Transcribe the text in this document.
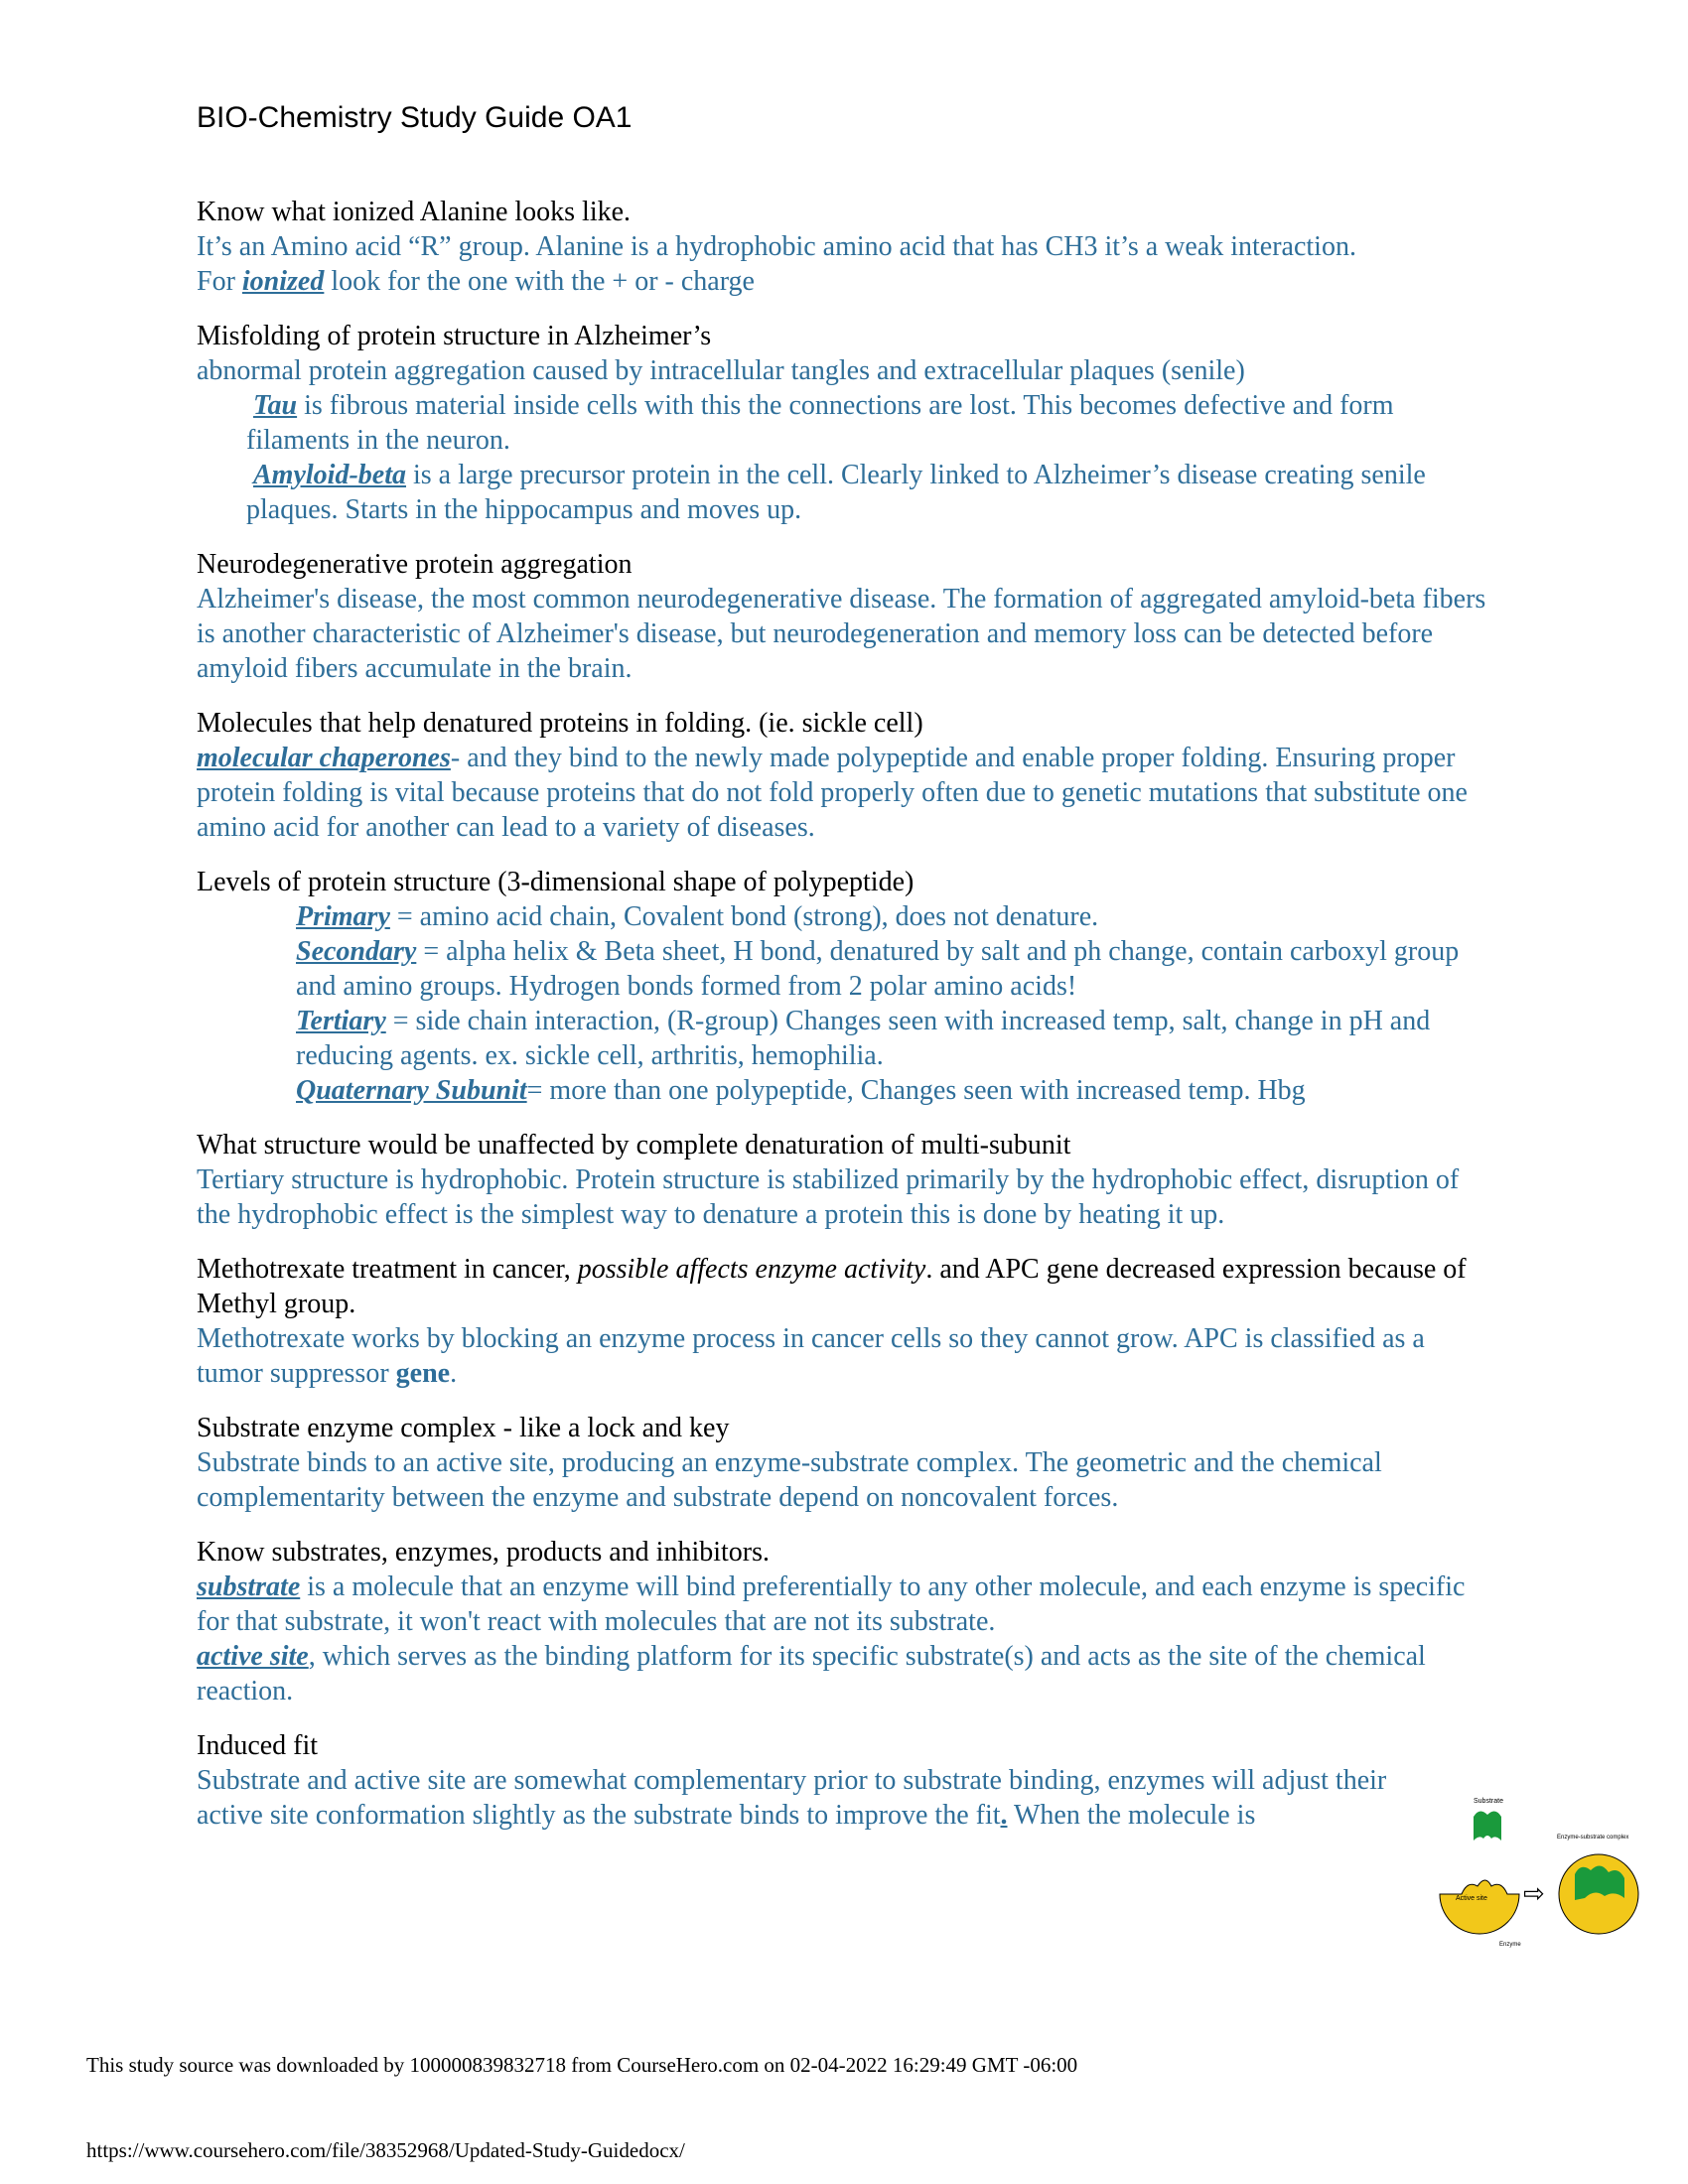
BIO-Chemistry Study Guide OA1
Know what ionized Alanine looks like.
It’s an Amino acid “R” group. Alanine is a hydrophobic amino acid that has CH3 it’s a weak interaction.
For ionized look for the one with the + or - charge
Misfolding of protein structure in Alzheimer’s
abnormal protein aggregation caused by intracellular tangles and extracellular plaques (senile)
Tau is fibrous material inside cells with this the connections are lost. This becomes defective and form filaments in the neuron.
Amyloid-beta is a large precursor protein in the cell. Clearly linked to Alzheimer’s disease creating senile plaques. Starts in the hippocampus and moves up.
Neurodegenerative protein aggregation
Alzheimer's disease, the most common neurodegenerative disease. The formation of aggregated amyloid-beta fibers is another characteristic of Alzheimer's disease, but neurodegeneration and memory loss can be detected before amyloid fibers accumulate in the brain.
Molecules that help denatured proteins in folding. (ie. sickle cell)
molecular chaperones- and they bind to the newly made polypeptide and enable proper folding. Ensuring proper protein folding is vital because proteins that do not fold properly often due to genetic mutations that substitute one amino acid for another can lead to a variety of diseases.
Levels of protein structure (3-dimensional shape of polypeptide)
Primary = amino acid chain, Covalent bond (strong), does not denature.
Secondary = alpha helix & Beta sheet, H bond, denatured by salt and ph change, contain carboxyl group and amino groups. Hydrogen bonds formed from 2 polar amino acids!
Tertiary = side chain interaction, (R-group) Changes seen with increased temp, salt, change in pH and reducing agents. ex. sickle cell, arthritis, hemophilia.
Quaternary Subunit= more than one polypeptide, Changes seen with increased temp. Hbg
What structure would be unaffected by complete denaturation of multi-subunit
Tertiary structure is hydrophobic. Protein structure is stabilized primarily by the hydrophobic effect, disruption of the hydrophobic effect is the simplest way to denature a protein this is done by heating it up.
Methotrexate treatment in cancer, possible affects enzyme activity. and APC gene decreased expression because of Methyl group.
Methotrexate works by blocking an enzyme process in cancer cells so they cannot grow. APC is classified as a tumor suppressor gene.
Substrate enzyme complex - like a lock and key
Substrate binds to an active site, producing an enzyme-substrate complex. The geometric and the chemical complementarity between the enzyme and substrate depend on noncovalent forces.
Know substrates, enzymes, products and inhibitors.
substrate is a molecule that an enzyme will bind preferentially to any other molecule, and each enzyme is specific for that substrate, it won't react with molecules that are not its substrate.
active site, which serves as the binding platform for its specific substrate(s) and acts as the site of the chemical reaction.
Induced fit
Substrate and active site are somewhat complementary prior to substrate binding, enzymes will adjust their active site conformation slightly as the substrate binds to improve the fit. When the molecule is	Substrate
Active site
Enzyme
⇨
Enzyme-substrate complex
This study source was downloaded by 100000839832718 from CourseHero.com on 02-04-2022 16:29:49 GMT -06:00
https://www.coursehero.com/file/38352968/Updated-Study-Guidedocx/
